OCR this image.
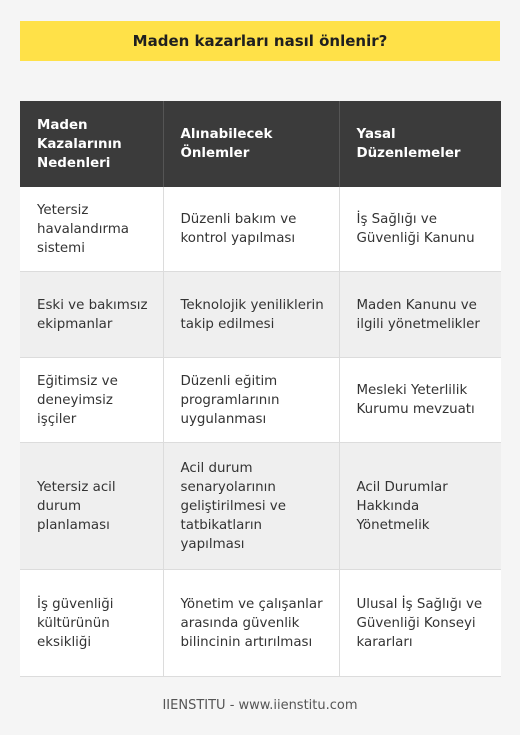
Maden kazarları nasıl önlenir?
Maden Kazalarının Nedenleri	Alınabilecek Önlemler	Yasal Düzenlemeler
Yetersiz havalandırma sistemi	Düzenli bakım ve kontrol yapılması	İş Sağlığı ve Güvenliği Kanunu
Eski ve bakımsız ekipmanlar	Teknolojik yeniliklerin takip edilmesi	Maden Kanunu ve ilgili yönetmelikler
Eğitimsiz ve deneyimsiz işçiler	Düzenli eğitim programlarının uygulanması	Mesleki Yeterlilik Kurumu mevzuatı
Yetersiz acil durum planlaması	Acil durum senaryolarının geliştirilmesi ve tatbikatların yapılması	Acil Durumlar Hakkında Yönetmelik
İş güvenliği kültürünün eksikliği	Yönetim ve çalışanlar arasında güvenlik bilincinin artırılması	Ulusal İş Sağlığı ve Güvenliği Konseyi kararları
IIENSTITU - www.iienstitu.com
